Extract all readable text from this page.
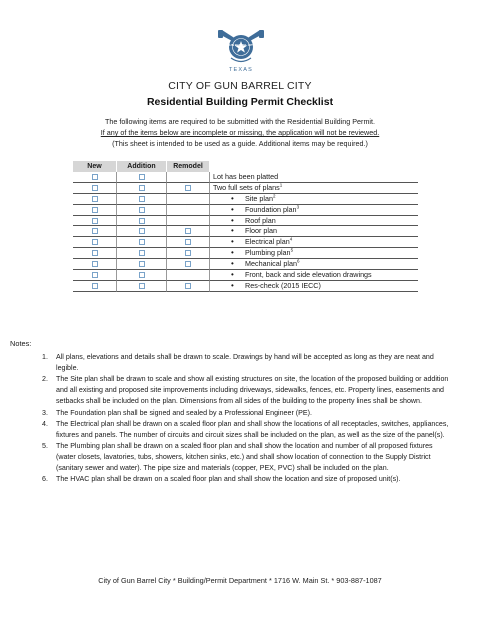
TEXAS
GUN BARREL CITY
CITY OF GUN BARREL CITY
Residential Building Permit Checklist
The following items are required to be submitted with the Residential Building Permit.
If any of the items below are incomplete or missing, the application will not be reviewed.
(This sheet is intended to be used as a guide. Additional items may be required.)
New	Addition	Remodel
Lot has been platted
Two full sets of plans$^1$
• Site plan$^2$
• Foundation plan$^3$
• Roof plan
• Floor plan
• Electrical plan$^4$
• Plumbing plan$^5$
• Mechanical plan$^6$
• Front, back and side elevation drawings
• Res-check (2015 IECC)
Notes:
1. All plans, elevations and details shall be drawn to scale. Drawings by hand will be accepted as long as they are neat and legible.
2. The Site plan shall be drawn to scale and show all existing structures on site, the location of the proposed building or addition and all existing and proposed site improvements including driveways, sidewalks, fences, etc. Property lines, easements and setbacks shall be included on the plan. Dimensions from all sides of the building to the property lines shall be shown.
3. The Foundation plan shall be signed and sealed by a Professional Engineer (PE).
4. The Electrical plan shall be drawn on a scaled floor plan and shall show the locations of all receptacles, switches, appliances, fixtures and panels. The number of circuits and circuit sizes shall be included on the plan, as well as the size of the panel(s).
5. The Plumbing plan shall be drawn on a scaled floor plan and shall show the location and number of all proposed fixtures (water closets, lavatories, tubs, showers, kitchen sinks, etc.) and shall show location of connection to the Supply District (sanitary sewer and water). The pipe size and materials (copper, PEX, PVC) shall be included on the plan.
6. The HVAC plan shall be drawn on a scaled floor plan and shall show the location and size of proposed unit(s).
City of Gun Barrel City * Building/Permit Department * 1716 W. Main St. * 903-887-1087
